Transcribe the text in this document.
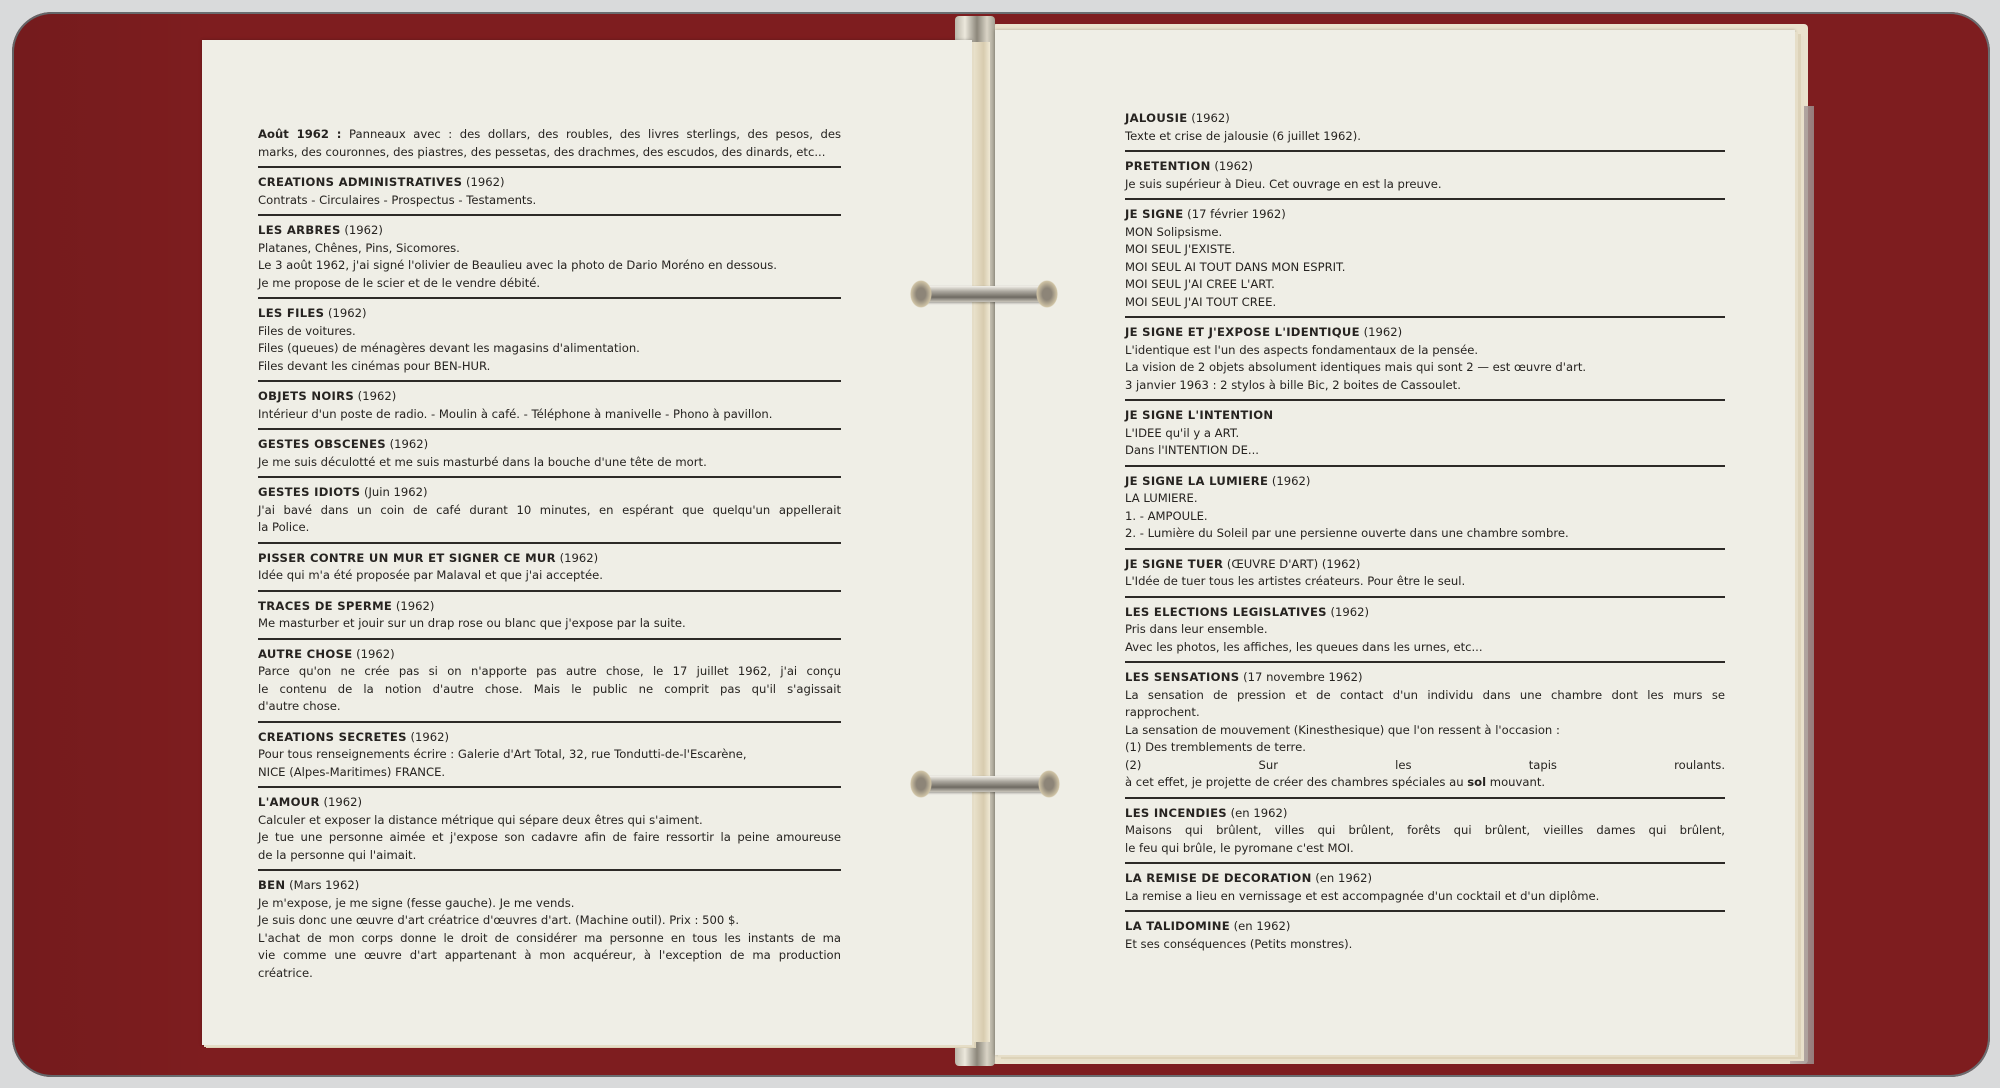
Août 1962 : Panneaux avec : des dollars, des roubles, des livres sterlings, des pesos, des
marks, des couronnes, des piastres, des pessetas, des drachmes, des escudos, des dinards, etc...
CREATIONS ADMINISTRATIVES (1962)
Contrats - Circulaires - Prospectus - Testaments.
LES ARBRES (1962)
Platanes, Chênes, Pins, Sicomores.
Le 3 août 1962, j'ai signé l'olivier de Beaulieu avec la photo de Dario Moréno en dessous.
Je me propose de le scier et de le vendre débité.
LES FILES (1962)
Files de voitures.
Files (queues) de ménagères devant les magasins d'alimentation.
Files devant les cinémas pour BEN-HUR.
OBJETS NOIRS (1962)
Intérieur d'un poste de radio. - Moulin à café. - Téléphone à manivelle - Phono à pavillon.
GESTES OBSCENES (1962)
Je me suis déculotté et me suis masturbé dans la bouche d'une tête de mort.
GESTES IDIOTS (Juin 1962)
J'ai bavé dans un coin de café durant 10 minutes, en espérant que quelqu'un appellerait
la Police.
PISSER CONTRE UN MUR ET SIGNER CE MUR (1962)
Idée qui m'a été proposée par Malaval et que j'ai acceptée.
TRACES DE SPERME (1962)
Me masturber et jouir sur un drap rose ou blanc que j'expose par la suite.
AUTRE CHOSE (1962)
Parce qu'on ne crée pas si on n'apporte pas autre chose, le 17 juillet 1962, j'ai conçu
le contenu de la notion d'autre chose. Mais le public ne comprit pas qu'il s'agissait
d'autre chose.
CREATIONS SECRETES (1962)
Pour tous renseignements écrire : Galerie d'Art Total, 32, rue Tondutti-de-l'Escarène,
NICE (Alpes-Maritimes) FRANCE.
L'AMOUR (1962)
Calculer et exposer la distance métrique qui sépare deux êtres qui s'aiment.
Je tue une personne aimée et j'expose son cadavre afin de faire ressortir la peine amoureuse
de la personne qui l'aimait.
BEN (Mars 1962)
Je m'expose, je me signe (fesse gauche). Je me vends.
Je suis donc une œuvre d'art créatrice d'œuvres d'art. (Machine outil). Prix : 500 $.
L'achat de mon corps donne le droit de considérer ma personne en tous les instants de ma
vie comme une œuvre d'art appartenant à mon acquéreur, à l'exception de ma production
créatrice.
JALOUSIE (1962)
Texte et crise de jalousie (6 juillet 1962).
PRETENTION (1962)
Je suis supérieur à Dieu. Cet ouvrage en est la preuve.
JE SIGNE (17 février 1962)
MON Solipsisme.
MOI SEUL J'EXISTE.
MOI SEUL AI TOUT DANS MON ESPRIT.
MOI SEUL J'AI CREE L'ART.
MOI SEUL J'AI TOUT CREE.
JE SIGNE ET J'EXPOSE L'IDENTIQUE (1962)
L'identique est l'un des aspects fondamentaux de la pensée.
La vision de 2 objets absolument identiques mais qui sont 2 — est œuvre d'art.
3 janvier 1963 : 2 stylos à bille Bic, 2 boites de Cassoulet.
JE SIGNE L'INTENTION
L'IDEE qu'il y a ART.
Dans l'INTENTION DE...
JE SIGNE LA LUMIERE (1962)
LA LUMIERE.
1. - AMPOULE.
2. - Lumière du Soleil par une persienne ouverte dans une chambre sombre.
JE SIGNE TUER (ŒUVRE D'ART) (1962)
L'Idée de tuer tous les artistes créateurs. Pour être le seul.
LES ELECTIONS LEGISLATIVES (1962)
Pris dans leur ensemble.
Avec les photos, les affiches, les queues dans les urnes, etc...
LES SENSATIONS (17 novembre 1962)
La sensation de pression et de contact d'un individu dans une chambre dont les murs se
rapprochent.
La sensation de mouvement (Kinesthesique) que l'on ressent à l'occasion :
(1) Des tremblements de terre.
(2) Sur les tapis roulants.
à cet effet, je projette de créer des chambres spéciales au sol mouvant.
LES INCENDIES (en 1962)
Maisons qui brûlent, villes qui brûlent, forêts qui brûlent, vieilles dames qui brûlent,
le feu qui brûle, le pyromane c'est MOI.
LA REMISE DE DECORATION (en 1962)
La remise a lieu en vernissage et est accompagnée d'un cocktail et d'un diplôme.
LA TALIDOMINE (en 1962)
Et ses conséquences (Petits monstres).
